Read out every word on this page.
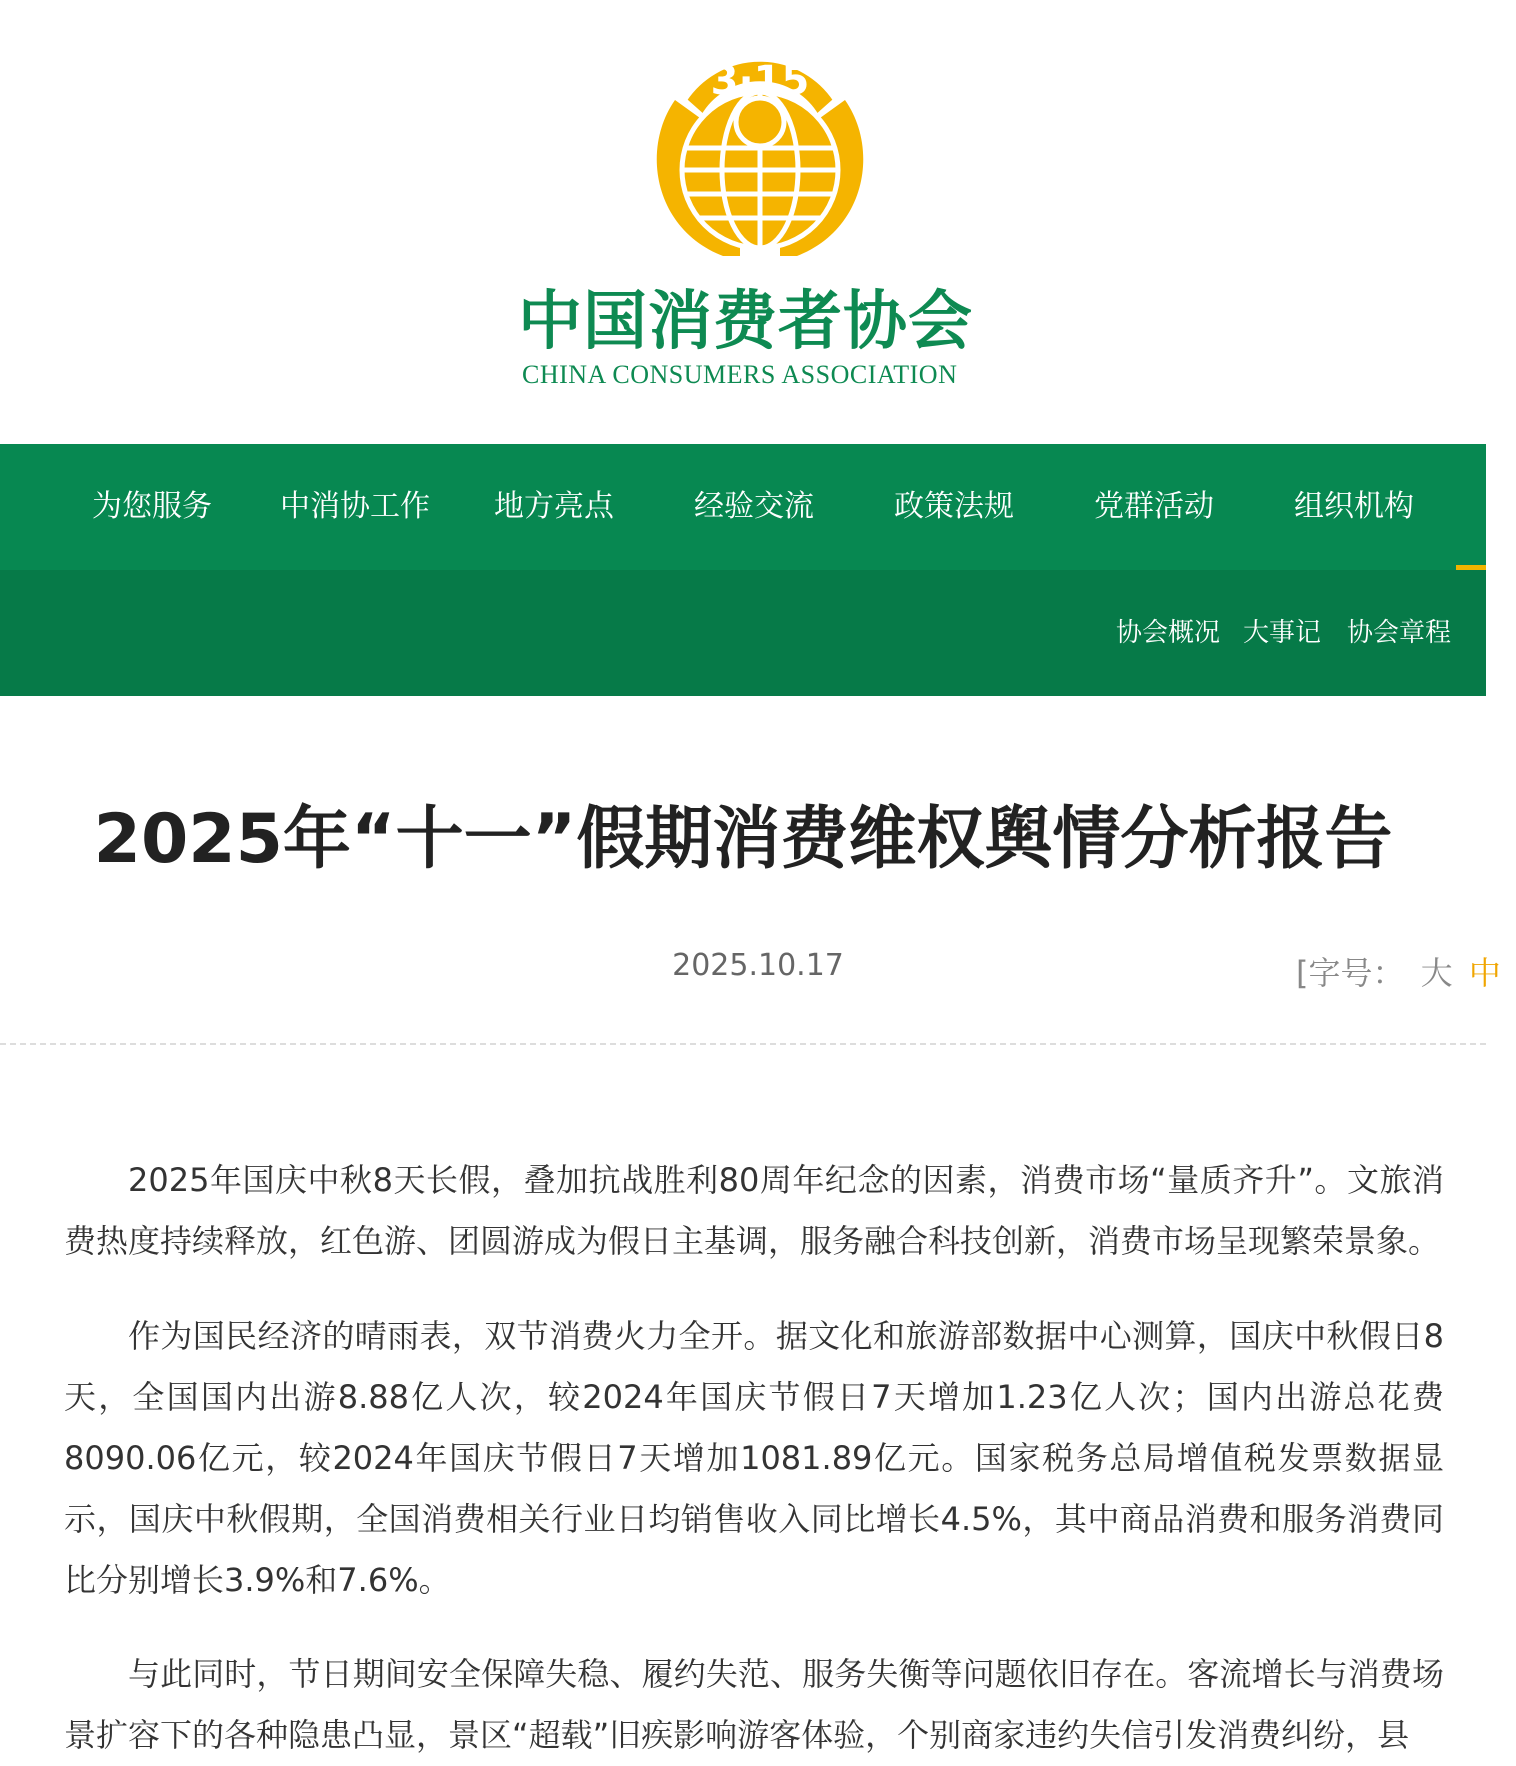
3·15
中国消费者协会
CHINA CONSUMERS ASSOCIATION
为您服务 中消协工作 地方亮点	经验交流	政策法规	党群活动	组织机构
协会概况 大事记 协会章程
2025年“十一”假期消费维权舆情分析报告
2025.10.17	[字号： 大 中

2025年国庆中秋8天长假，叠加抗战胜利80周年纪念的因素，消费市场“量质齐升”。文旅消费热度持续释放，红色游、团圆游成为假日主基调，服务融合科技创新，消费市场呈现繁荣景象。

作为国民经济的晴雨表，双节消费火力全开。据文化和旅游部数据中心测算，国庆中秋假日8天，全国国内出游8.88亿人次，较2024年国庆节假日7天增加1.23亿人次；国内出游总花费8090.06亿元，较2024年国庆节假日7天增加1081.89亿元。国家税务总局增值税发票数据显示，国庆中秋假期，全国消费相关行业日均销售收入同比增长4.5%，其中商品消费和服务消费同比分别增长3.9%和7.6%。

与此同时，节日期间安全保障失稳、履约失范、服务失衡等问题依旧存在。客流增长与消费场景扩容下的各种隐患凸显，景区“超载”旧疾影响游客体验，个别商家违约失信引发消费纠纷，县
